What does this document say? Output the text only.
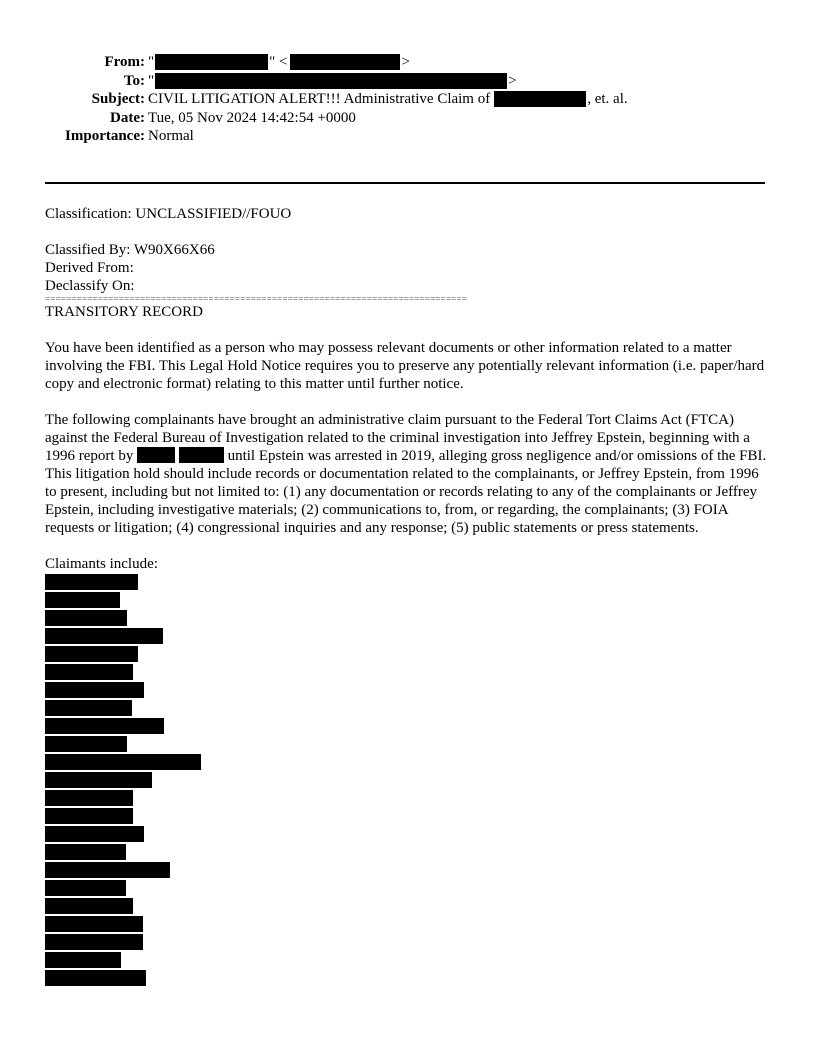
From: "	" <	>
To: "	>
Subject: CIVIL LITIGATION ALERT!!! Administrative Claim of	, et. al.
Date: Tue, 05 Nov 2024 14:42:54 +0000
Importance: Normal

Classification: UNCLASSIFIED//FOUO

Classified By: W90X66X66

Derived From:

Declassify On:

================================================================================

TRANSITORY RECORD

You have been identified as a person who may possess relevant documents or other information related to a matter involving the FBI. This Legal Hold Notice requires you to preserve any potentially relevant information (i.e. paper/hard copy and electronic format) relating to this matter until further notice.

The following complainants have brought an administrative claim pursuant to the Federal Tort Claims Act (FTCA) against the Federal Bureau of Investigation related to the criminal investigation into Jeffrey Epstein, beginning with a 1996 report by	until Epstein was arrested in 2019, alleging gross negligence and/or omissions of the FBI. This litigation hold should include records or documentation related to the complainants, or Jeffrey Epstein, from 1996 to present, including but not limited to: (1) any documentation or records relating to any of the complainants or Jeffrey Epstein, including investigative materials; (2) communications to, from, or regarding, the complainants; (3) FOIA requests or litigation; (4) congressional inquiries and any response; (5) public statements or press statements.

Claimants include:
